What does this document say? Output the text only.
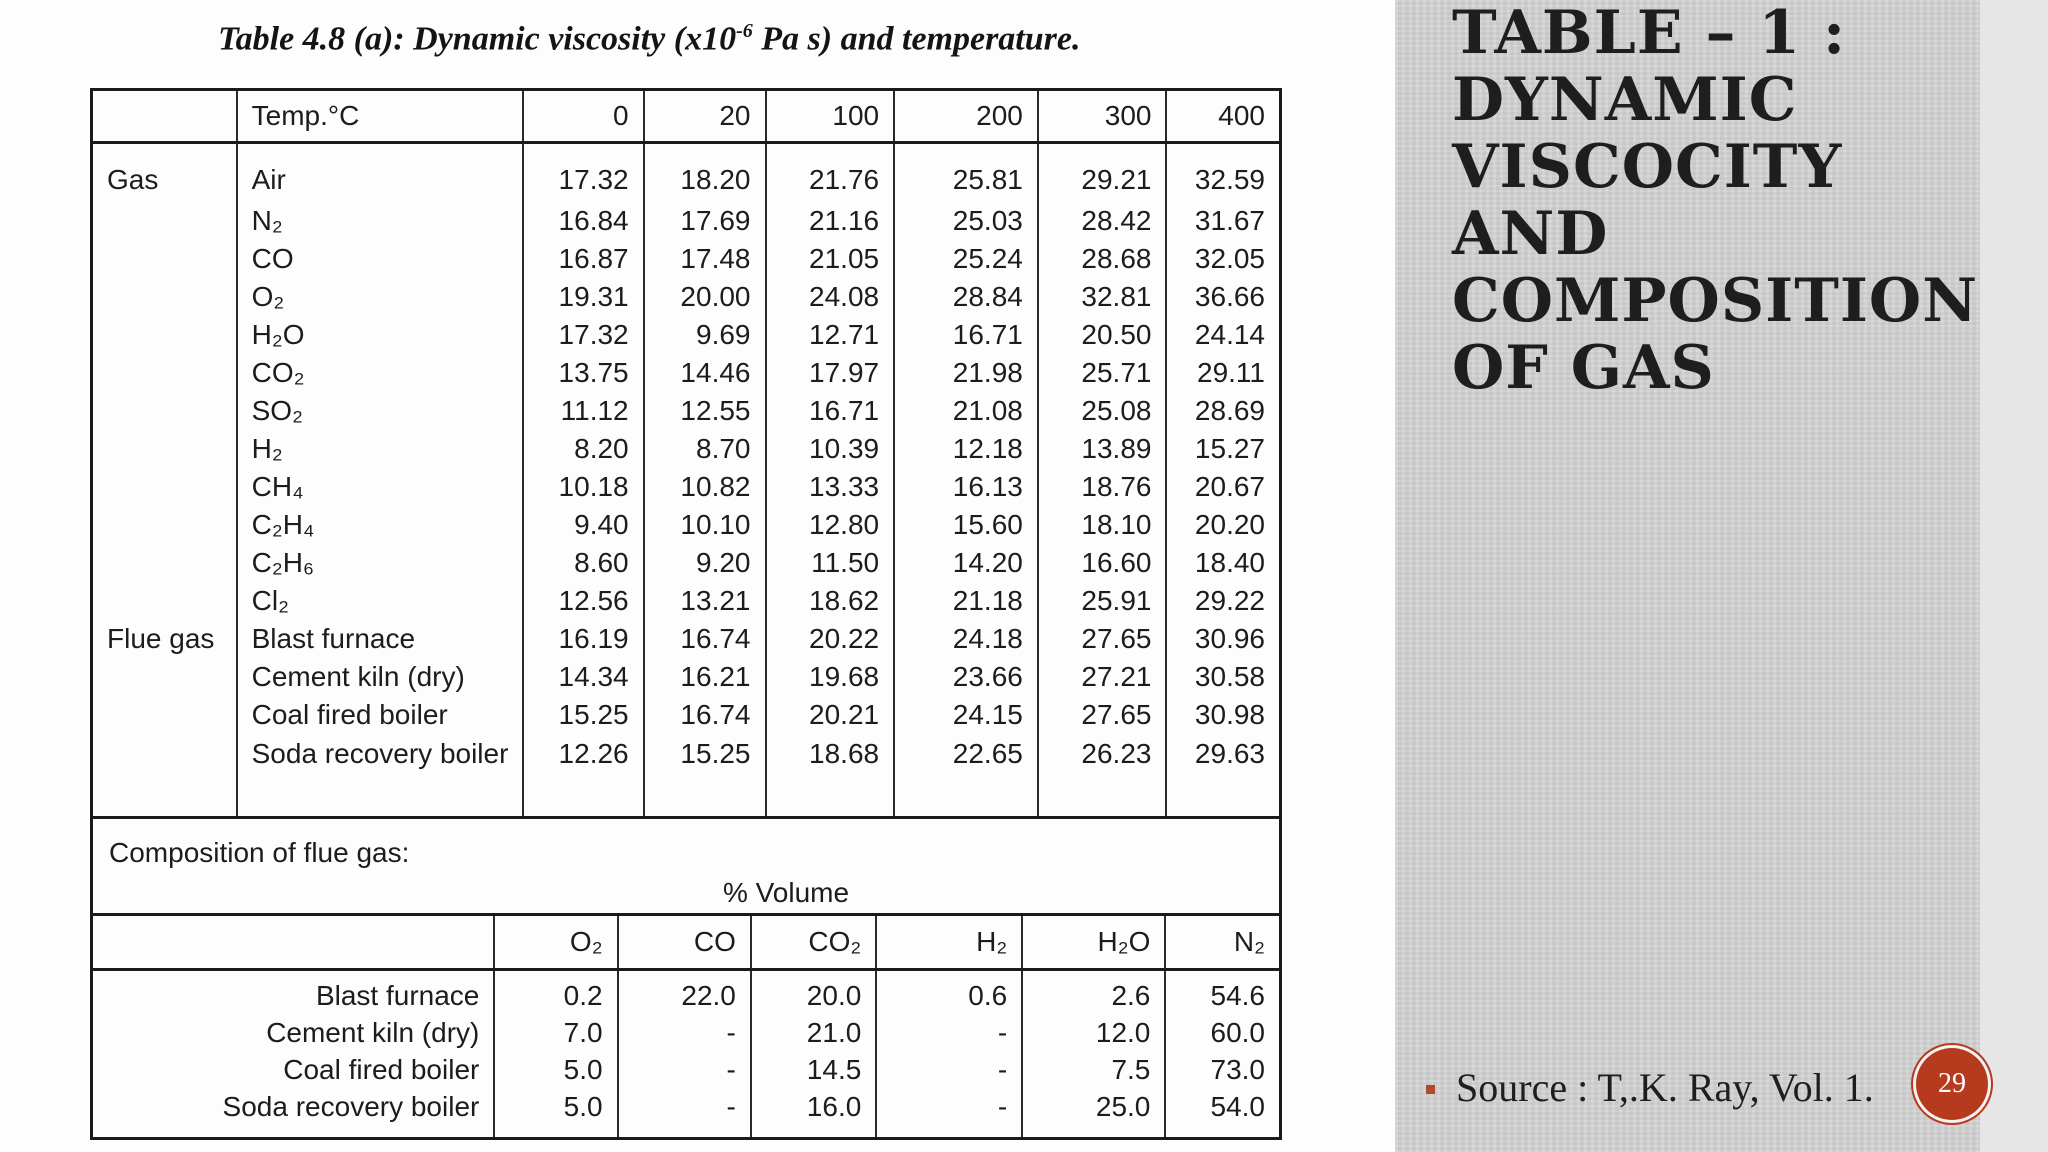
Table 4.8 (a): Dynamic viscosity ($x10^{-6}$ Pa s) and temperature.
	Temp.°C	0	20	100	200	300	400
Gas	Air	17.32	18.20	21.76	25.81	29.21	32.59
	N₂	16.84	17.69	21.16	25.03	28.42	31.67
	CO	16.87	17.48	21.05	25.24	28.68	32.05
	O₂	19.31	20.00	24.08	28.84	32.81	36.66
	H₂O	17.32	9.69	12.71	16.71	20.50	24.14
	CO₂	13.75	14.46	17.97	21.98	25.71	29.11
	SO₂	11.12	12.55	16.71	21.08	25.08	28.69
	H₂	8.20	8.70	10.39	12.18	13.89	15.27
	CH₄	10.18	10.82	13.33	16.13	18.76	20.67
	C₂H₄	9.40	10.10	12.80	15.60	18.10	20.20
	C₂H₆	8.60	9.20	11.50	14.20	16.60	18.40
	Cl₂	12.56	13.21	18.62	21.18	25.91	29.22
Flue gas	Blast furnace	16.19	16.74	20.22	24.18	27.65	30.96
	Cement kiln (dry)	14.34	16.21	19.68	23.66	27.21	30.58
	Coal fired boiler	15.25	16.74	20.21	24.15	27.65	30.98
	Soda recovery boiler	12.26	15.25	18.68	22.65	26.23	29.63
Composition of flue gas:
% Volume
	O₂	CO	CO₂	H₂	H₂O	N₂
Blast furnace	0.2	22.0	20.0	0.6	2.6	54.6
Cement kiln (dry)	7.0	-	21.0	-	12.0	60.0
Coal fired boiler	5.0	-	14.5	-	7.5	73.0
Soda recovery boiler	5.0	-	16.0	-	25.0	54.0
TABLE – 1 :
DYNAMIC
VISCOCITY
AND
COMPOSITION
OF GAS
Source : T,.K. Ray, Vol. 1.	29
